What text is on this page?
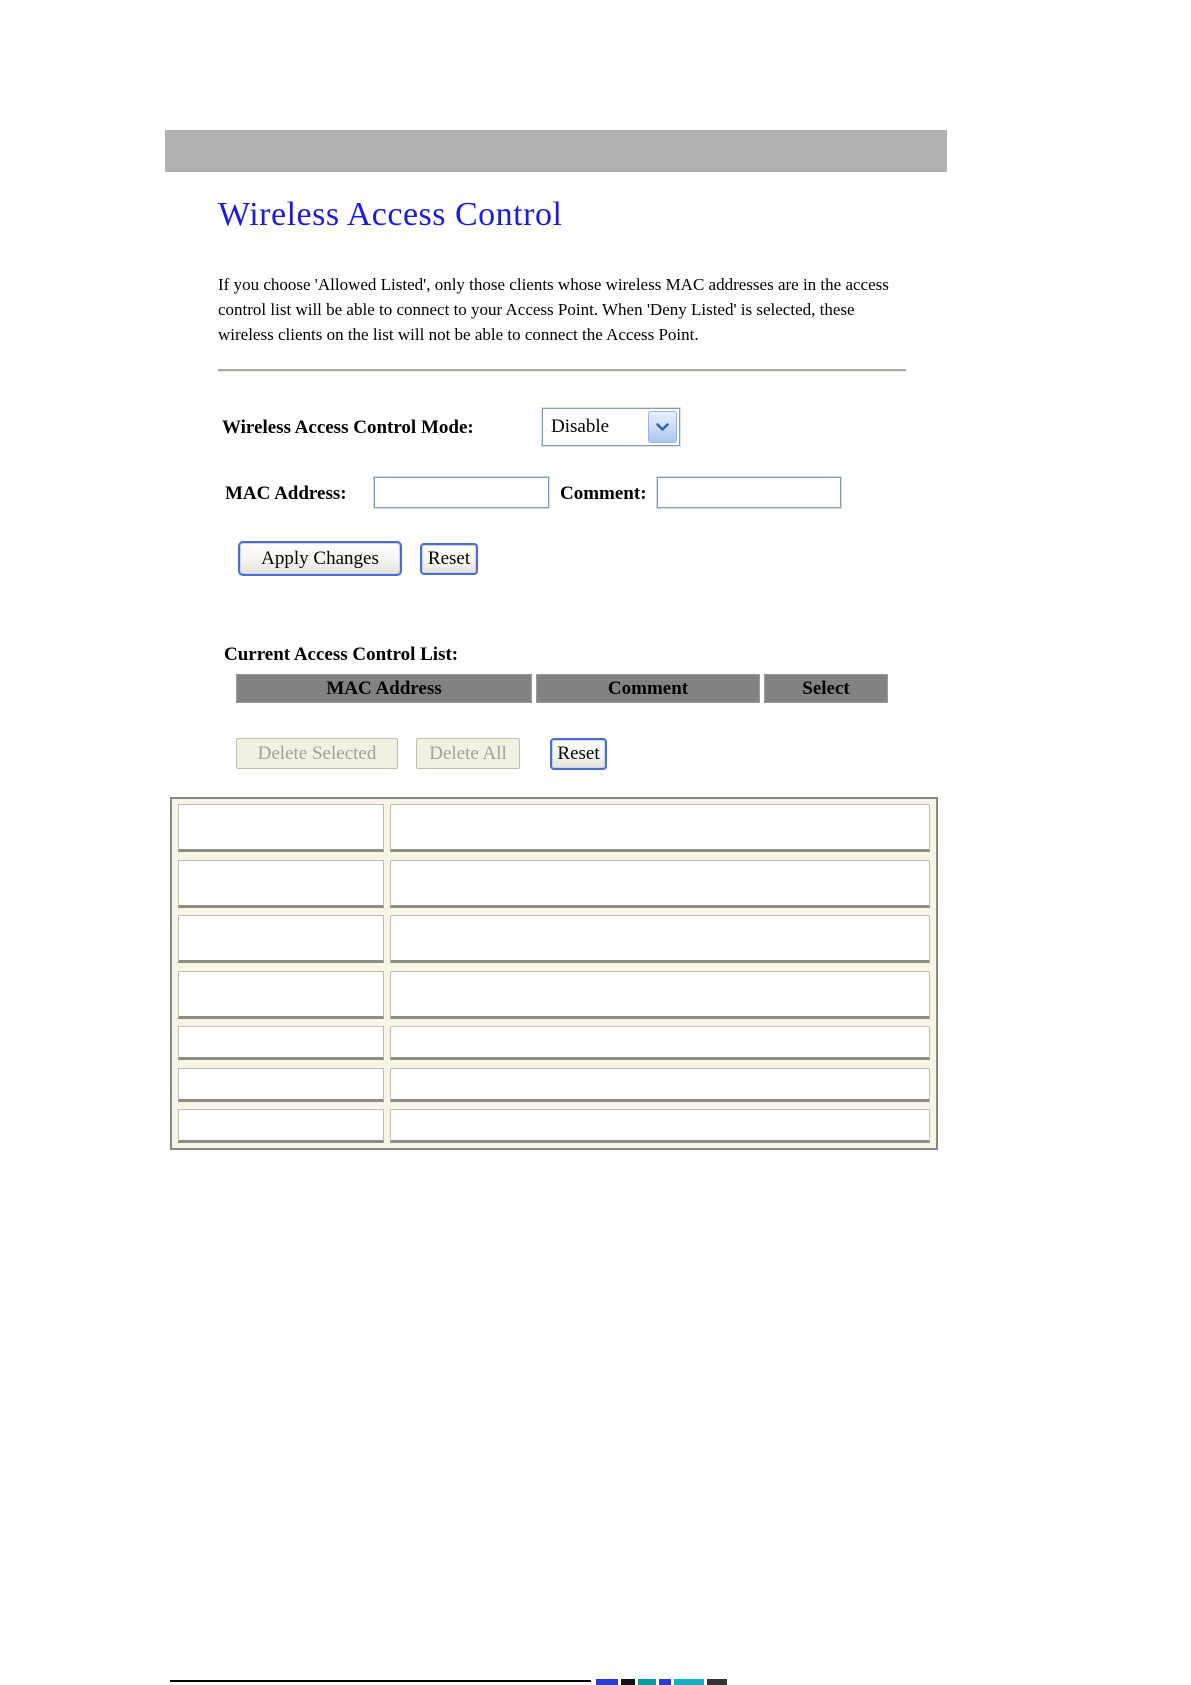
Wireless Access Control
If you choose 'Allowed Listed', only those clients whose wireless MAC addresses are in the access control list will be able to connect to your Access Point. When 'Deny Listed' is selected, these wireless clients on the list will not be able to connect the Access Point.
Wireless Access Control Mode:	Disable
MAC Address:	Comment:
Apply Changes	Reset
Current Access Control List:
MAC Address	Comment	Select
Delete Selected	Delete All	Reset
